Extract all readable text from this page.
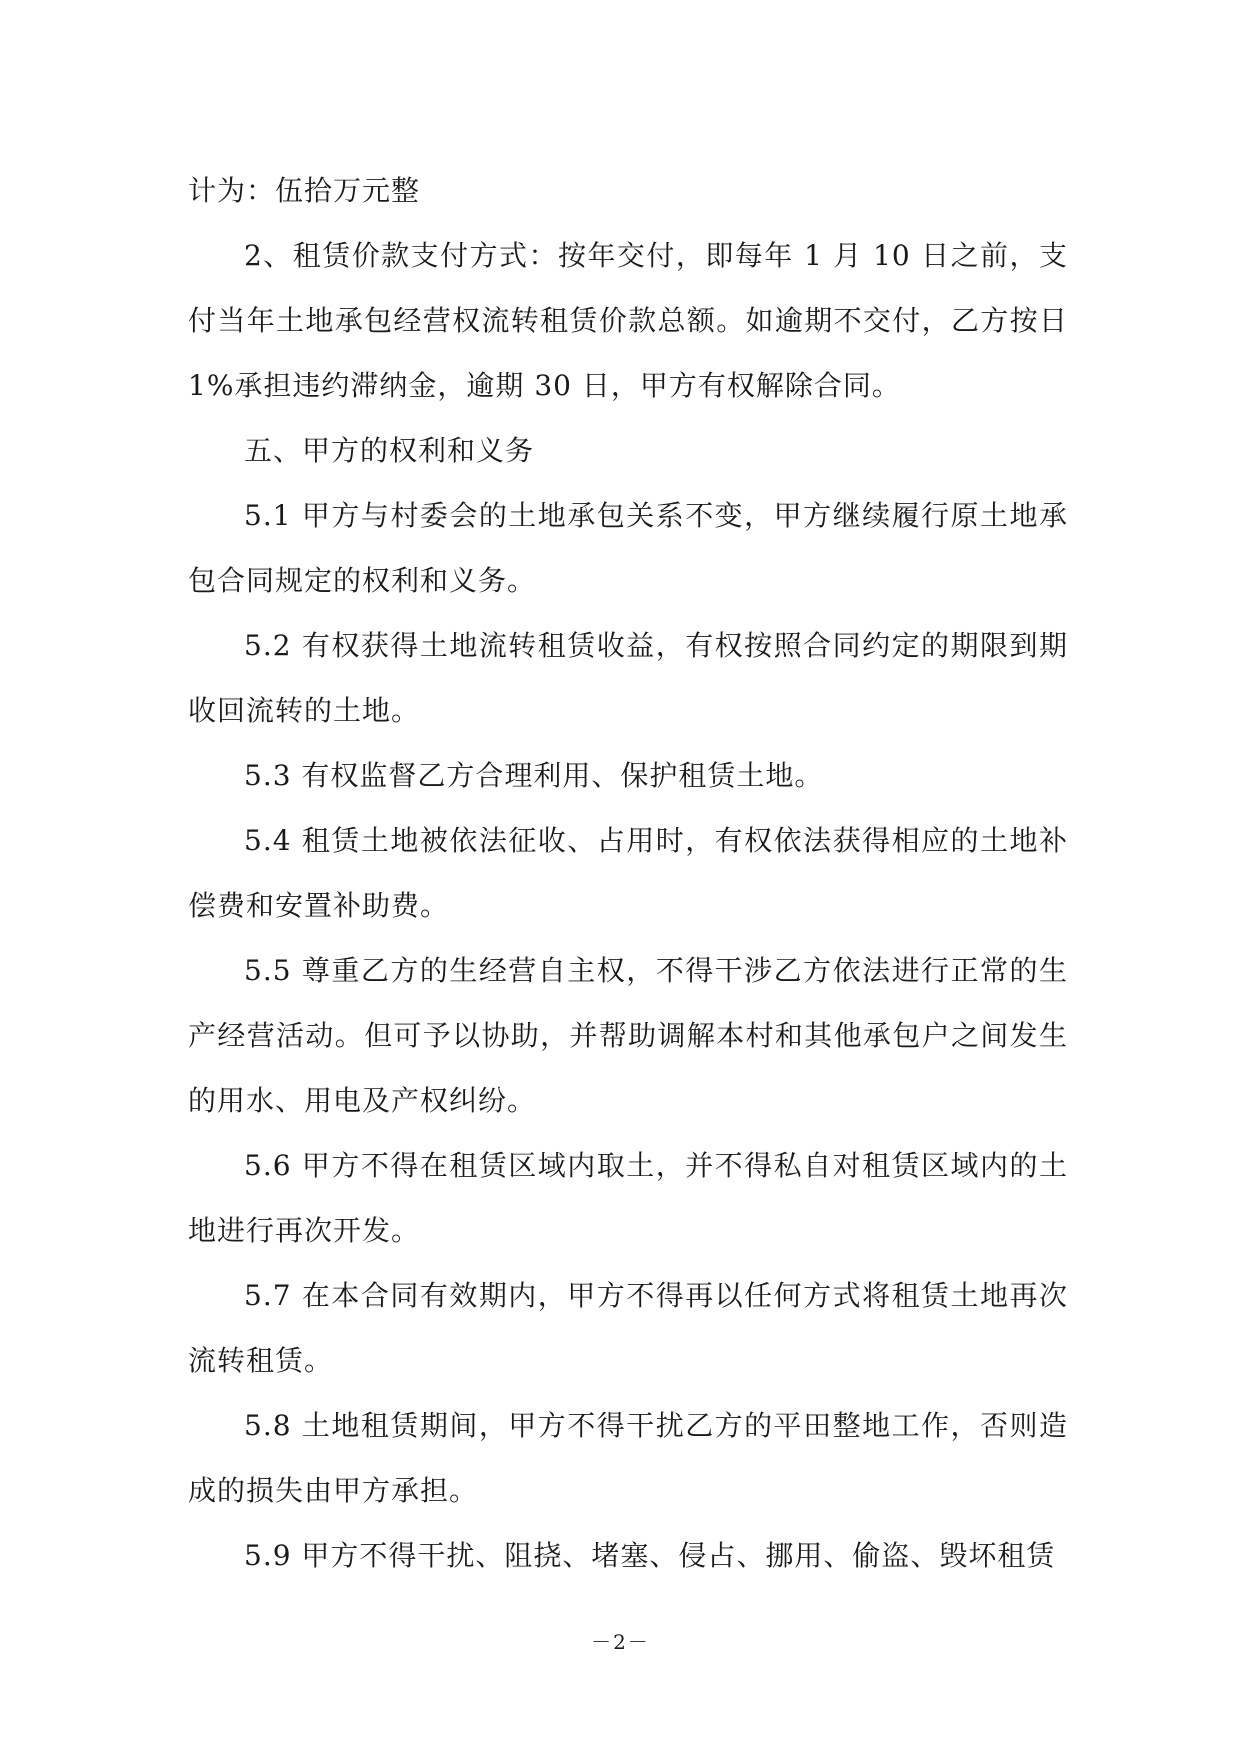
计为：伍拾万元整

2、租赁价款支付方式：按年交付，即每年 1 月 10 日之前，支付当年土地承包经营权流转租赁价款总额。如逾期不交付，乙方按日 1%承担违约滞纳金，逾期 30 日，甲方有权解除合同。

五、甲方的权利和义务

5.1 甲方与村委会的土地承包关系不变，甲方继续履行原土地承包合同规定的权利和义务。

5.2 有权获得土地流转租赁收益，有权按照合同约定的期限到期收回流转的土地。

5.3 有权监督乙方合理利用、保护租赁土地。

5.4 租赁土地被依法征收、占用时，有权依法获得相应的土地补偿费和安置补助费。

5.5 尊重乙方的生经营自主权，不得干涉乙方依法进行正常的生产经营活动。但可予以协助，并帮助调解本村和其他承包户之间发生的用水、用电及产权纠纷。

5.6 甲方不得在租赁区域内取土，并不得私自对租赁区域内的土地进行再次开发。

5.7 在本合同有效期内，甲方不得再以任何方式将租赁土地再次流转租赁。

5.8 土地租赁期间，甲方不得干扰乙方的平田整地工作，否则造成的损失由甲方承担。

5.9 甲方不得干扰、阻挠、堵塞、侵占、挪用、偷盗、毁坏租赁

－2－
